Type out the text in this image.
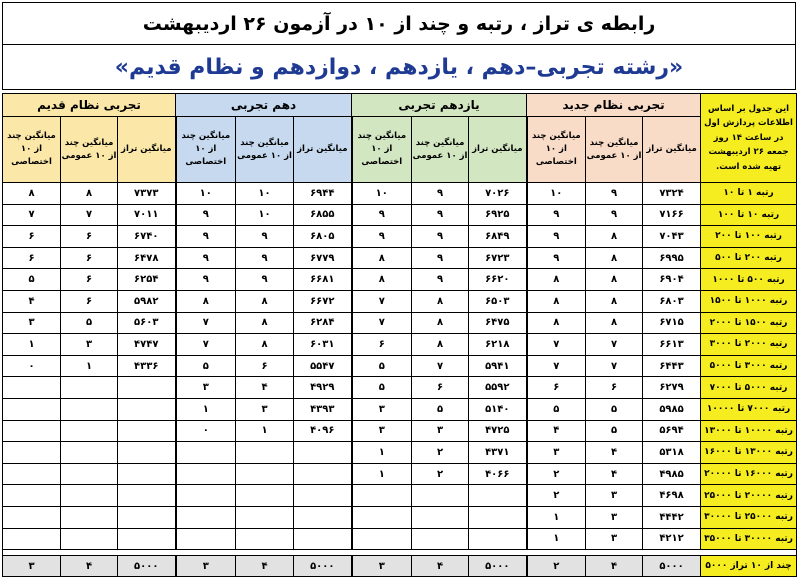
رابطه ی تراز ، رتبه و چند از ۱۰ در آزمون ۲۶ اردیبهشت
«رشته تجربی–دهم ، یازدهم ، دوازدهم و نظام قدیم»
این جدول بر اساس اطلاعات پردازش اول در ساعت ۱۴ روز جمعه ۲۶ اردیبهشت تهیه شده است.	تجربی نظام جدید			یازدهم تجربی			دهم تجربی			تجربی نظام قدیم		
	میانگین تراز	میانگین چند از ۱۰ عمومی	میانگین چند از ۱۰ اختصاصی	میانگین تراز	میانگین چند از ۱۰ عمومی	میانگین چند از ۱۰ اختصاصی	میانگین تراز	میانگین چند از ۱۰ عمومی	میانگین چند از ۱۰ اختصاصی	میانگین تراز	میانگین چند از ۱۰ عمومی	میانگین چند از ۱۰ اختصاصی
رتبه ۱ تا ۱۰	۷۳۲۴	۹	۱۰	۷۰۲۶	۹	۱۰	۶۹۴۴	۱۰	۱۰	۷۳۷۳	۸	۸
رتبه ۱۰ تا ۱۰۰	۷۱۶۶	۹	۹	۶۹۲۵	۹	۹	۶۸۵۵	۱۰	۹	۷۰۱۱	۷	۷
رتبه ۱۰۰ تا ۲۰۰	۷۰۴۳	۸	۹	۶۸۴۹	۹	۹	۶۸۰۵	۹	۹	۶۷۴۰	۶	۶
رتبه ۲۰۰ تا ۵۰۰	۶۹۹۵	۸	۹	۶۷۲۳	۹	۸	۶۷۷۹	۹	۹	۶۴۷۸	۶	۶
رتبه ۵۰۰ تا ۱۰۰۰	۶۹۰۴	۸	۸	۶۶۲۰	۹	۸	۶۶۸۱	۹	۹	۶۲۵۴	۶	۵
رتبه ۱۰۰۰ تا ۱۵۰۰	۶۸۰۳	۸	۸	۶۵۰۳	۸	۷	۶۶۷۲	۸	۸	۵۹۸۲	۶	۴
رتبه ۱۵۰۰ تا ۲۰۰۰	۶۷۱۵	۸	۸	۶۴۷۵	۸	۷	۶۲۸۴	۸	۷	۵۶۰۳	۵	۳
رتبه ۲۰۰۰ تا ۳۰۰۰	۶۶۱۳	۷	۷	۶۲۱۸	۸	۶	۶۰۳۱	۸	۷	۴۷۴۷	۳	۱
رتبه ۳۰۰۰ تا ۵۰۰۰	۶۴۴۳	۷	۷	۵۹۴۱	۷	۵	۵۵۴۷	۶	۵	۴۳۳۶	۱	۰
رتبه ۵۰۰۰ تا ۷۰۰۰	۶۲۷۹	۶	۶	۵۵۹۲	۶	۵	۴۹۲۹	۴	۳			
رتبه ۷۰۰۰ تا ۱۰۰۰۰	۵۹۸۵	۵	۵	۵۱۴۰	۵	۳	۴۳۹۳	۳	۱			
رتبه ۱۰۰۰۰ تا ۱۳۰۰۰	۵۶۹۴	۵	۴	۴۷۲۵	۳	۳	۴۰۹۶	۱	۰			
رتبه ۱۳۰۰۰ تا ۱۶۰۰۰	۵۳۱۸	۴	۳	۴۳۷۱	۲	۱						
رتبه ۱۶۰۰۰ تا ۲۰۰۰۰	۴۹۸۵	۴	۲	۴۰۶۶	۲	۱						
رتبه ۲۰۰۰۰ تا ۲۵۰۰۰	۴۶۹۸	۳	۲									
رتبه ۲۵۰۰۰ تا ۳۰۰۰۰	۴۴۴۲	۳	۱									
رتبه ۳۰۰۰۰ تا ۳۵۰۰۰	۴۲۱۲	۳	۱									

چند از ۱۰ تراز ۵۰۰۰	۵۰۰۰	۴	۲	۵۰۰۰	۴	۳	۵۰۰۰	۴	۳	۵۰۰۰	۴	۳
